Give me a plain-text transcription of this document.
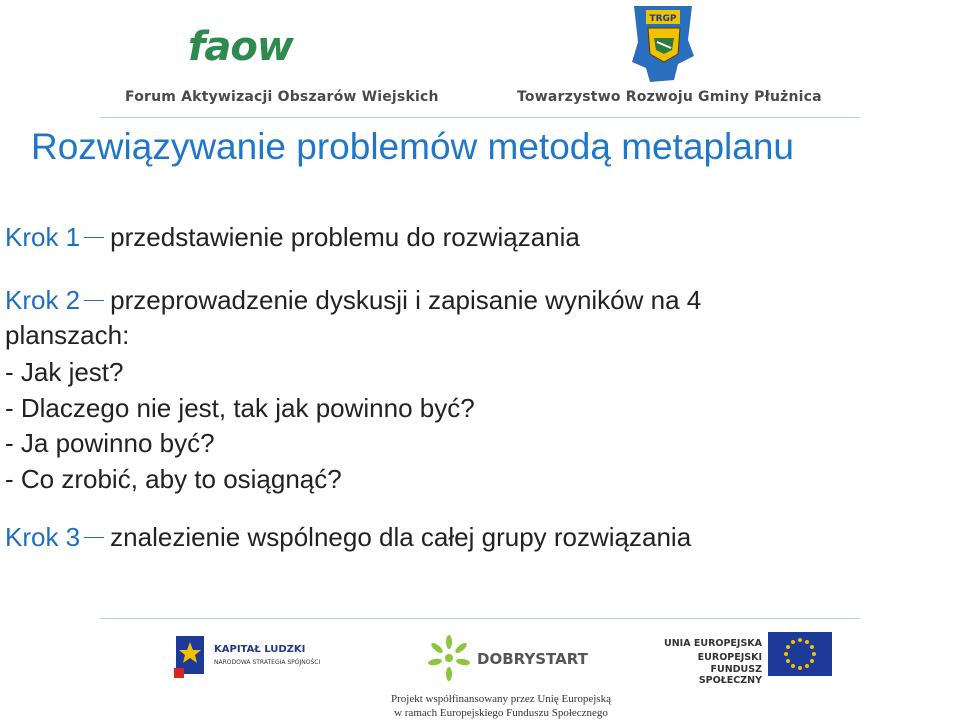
faow
Forum Aktywizacji Obszarów Wiejskich
TRGP
Towarzystwo Rozwoju Gminy Płużnica
Rozwiązywanie problemów metodą metaplanu
Krok 1 przedstawienie problemu do rozwiązania
Krok 2 przeprowadzenie dyskusji i zapisanie wyników na 4
planszach:
- Jak jest?
- Dlaczego nie jest, tak jak powinno być?
- Ja powinno być?
- Co zrobić, aby to osiągnąć?
Krok 3 znalezienie wspólnego dla całej grupy rozwiązania
KAPITAŁ LUDZKI
NARODOWA STRATEGIA SPÓJNOŚCI	DOBRYSTART
UNIA EUROPEJSKA
EUROPEJSKI
FUNDUSZ SPOŁECZNY
Projekt współfinansowany przez Unię Europejską
w ramach Europejskiego Funduszu Społecznego
